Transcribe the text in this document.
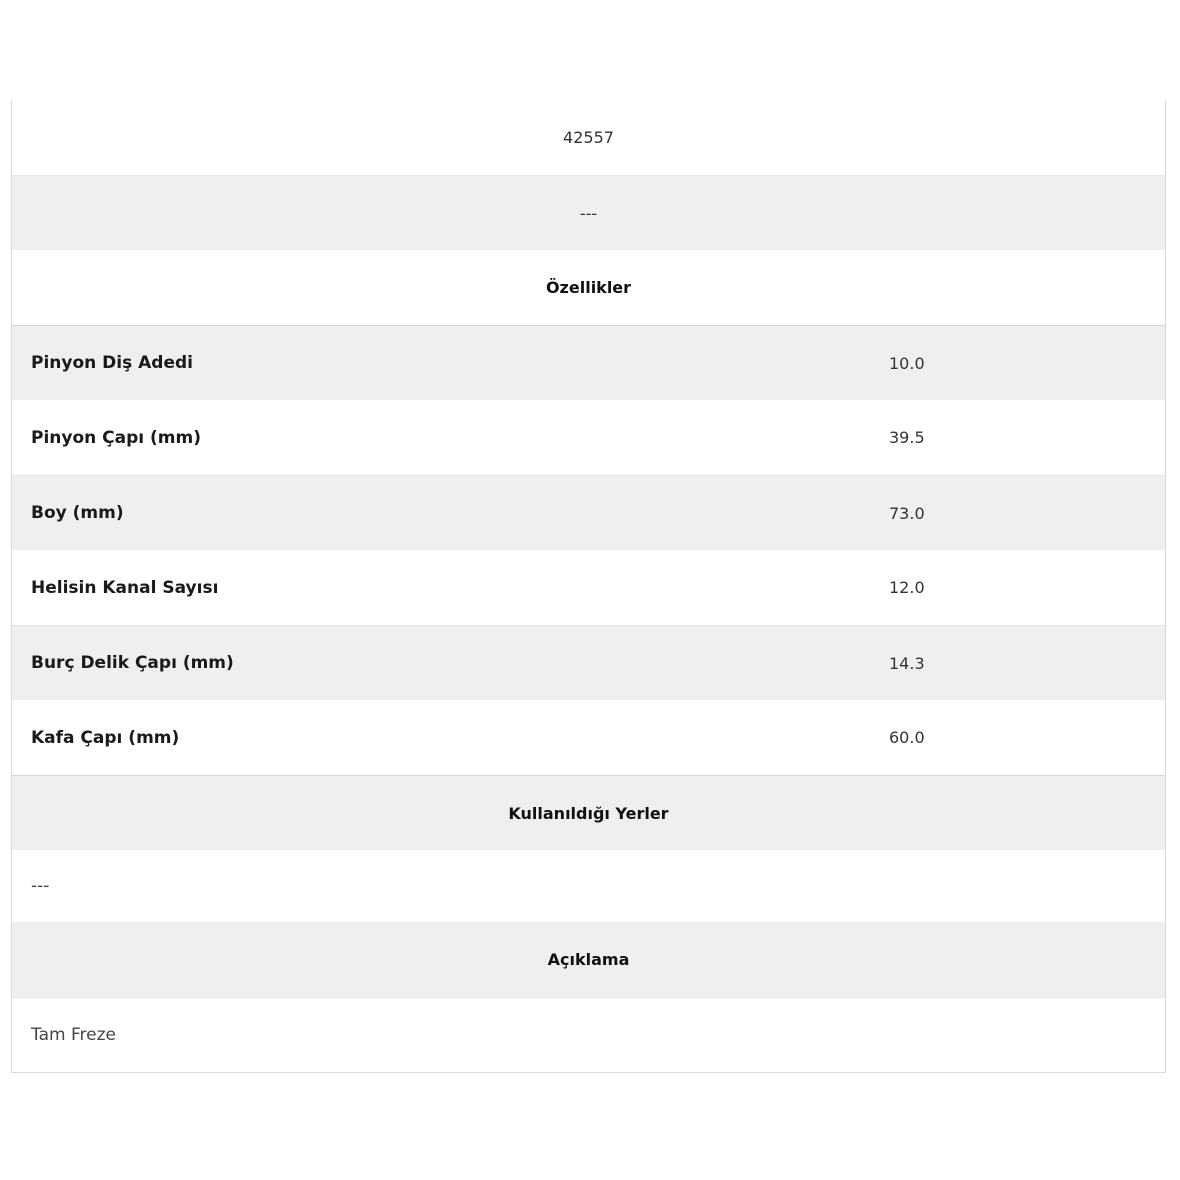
42557
---
Özellikler
Pinyon Diş Adedi	10.0
Pinyon Çapı (mm)	39.5
Boy (mm)	73.0
Helisin Kanal Sayısı	12.0
Burç Delik Çapı (mm)	14.3
Kafa Çapı (mm)	60.0
Kullanıldığı Yerler
---
Açıklama
Tam Freze
